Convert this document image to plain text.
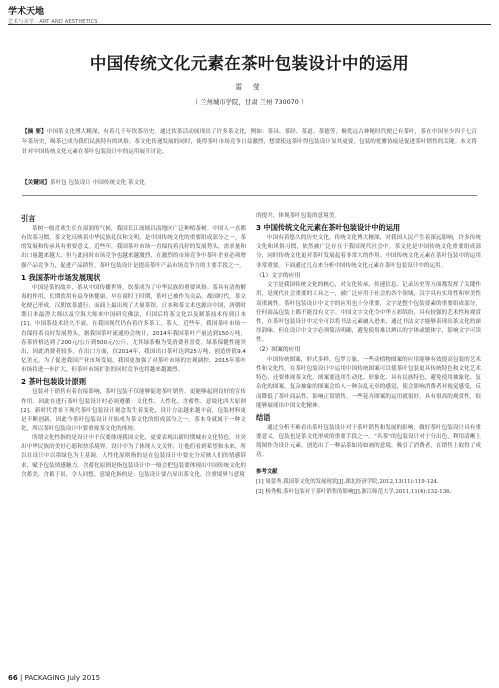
学术天地
艺术与美学 · ART AND AESTHETICS
中国传统文化元素在茶叶包装设计中的运用
雷 莹
（ 兰州城市学院，甘肃 兰州 730070 ）
【摘 要】中国茶文化博大精深，有着几千年饮茶历史。通过饮茶活动展现出了许多茶文化，例如：茶具、茶经、茶道、茶德等，极优远古神秘时代便已有茶叶，茶在中国至少四千七百年茶历史，喝茶已成为我们民族特有的风俗。茶文化传递发展的同时，使得茶叶市场竞争日益激烈，想要使这茶叶得包装设计显其更要，包装的优雅协接是促进茶叶销售的关键。本文将针对中国传统文化元素在茶叶包装设计中的运用展开讨论。
【关键词】茶叶包 包装设计 中国传统文化 茶文化
引言

茶树一般喜欢生长在湿润的气候，我国长江流域以南地区广泛种植茶树。中国人一直都有饮茶习惯。茶文化反映着中华民族礼仪和文明，是中国传统文化的重要组成部分之一。茶的发展和传承具有重要意义。近些年，我国茶叶市场一直保持着良好的发展势头，需求量和出口量越来越大，但与此同时市场竞争也越来越激烈，在激烈的市场竞争中茶叶企业必须增强产品竞争力，促进产品销售。茶叶包装设计是提高茶叶产品市场竞争力的主要手段之一。

1 我国茶叶市场发展现状

中国是茶的故乡，茶从中国传播世界，饮茶成为了中华民族的重要风俗。茶具有清热解毒的作用，长期饮用有益身体健康。早在商时王时期，茶叶已被作为贡品。战国时代，茶文化便已形成。汉朝饮茶盛行，而面上最出现了大量茶馆。日本和茶文术也源自中国，唐朝时期日本最澄大师以及空海大师来中国研究佛法，归国后将茶文化以及制茶技术传到日本[1]。中国茶技术经久不衰，在我国现代仍有着许多茶工，茶人。近些年，我国茶叶市场一直保持着良好发展势头，据我国茶叶流通协会统计，2014年我国茶叶产量达到150万吨，春茶价格达到了200元/公斤到500元/公斤，尤其绿茶极为受消费者喜爱，绿茶保健性能突出，因此消费者较多。在出口方面，仅2014年，我国出口茶叶达到25万吨，创造价值9.4亿美元。为了促进我国产业市场发展，我国更加强了对茶叶市场的宏观调控，2015年茶叶市场将进一步扩大，但茶叶市场扩张的同时竞争也将越来越激烈。

2 茶叶包装设计原则

包装对于销售有着直接影响，茶叶包装不仅能够促进茶叶销售，更能够起到良好的宣传作用。因此在进行茶叶包装设计时必须遵循：文化性、人性化、含蓄性、意境化四大原则[2]。新时代背景下现代茶叶包装设计观念发生着变化，设计方法越来越丰富，包装材料更是不断创新，因此今茶叶包装设计开始成为茶文化的组成部分之一。茶本身就属于一种文化，所以茶叶包装设计中要重视茶文化的体现。

所谓文化性指的是设计中不仅要体现我国文化，更要表现出新时期城市文化特色，并突出中华民族的美好心愿和快乐境界。设计中为了体现人文关怀，让他们看到希望和未来，所以在设计中以墨绿色为主基调。人性化原则指的是在包装设计中要充分反映人们的情感诉求，赋予包装情感魅力。含蓄化原则是指包装设计中一般会把包装要体现出中国传统文化的含蓄美，含蓄于景，令人回想。意境化指的是：包装设计要凸显出茶文化，注重境界与意境

的提升，体现茶叶包装的意境美。

3 中国传统文化元素在茶叶包装设计中的运用

中国有着悠久的历史文化，传统文化博大精深，对我国人民产生着深远影响，许多传统文化和风俗习惯，依然被广泛存在于我国现代社会中。茶文化是中国传统文化重要组成部分，同时传统文化更对茶叶发展起着非常大的作用。中国传统文化元素在茶叶包装中的运用非常重要。下面通过几点来分析中国传统文化元素在茶叶包装设计中的运用。

（1）文字的应用

文字是我国传统文化的核心，对文化传承、传递信息、记录历史等方面都发挥了关键作用，是现代社会重要的工具之一，被广泛应用于社会的各个领域，汉字具有实用性和审美性双重属性。茶叶包装设计中文字的应用也十分重要，文字是整个包装要素的重要组成部分，任何商品包装上都不能没有文字。中国文字文化令中华五彩缤纷，具有较强的艺术性和观赏性，在茶叶包装设计中完全可以将书法元素融入进来。通过书法文字能够表现出茶文化的深厚韵味。但在设计中文字必须简洁明确，避免使用难以辨认的字体或繁体字，影响文字可读性。

（2）图案的应用

中国传统图案，形式多样，包罗万象，一些动植物图案的应用能够有效提高包装的艺术性和文化性，在茶叶包装设计中运用中国传统图案可以使茶叶包装更具传统特色和文化艺术特色，还要体现茶文化，图案要选用生动化、形象化、具有民族特色、避免使用抽象化、复杂化的图案。复杂抽象的图案会给人一种杂乱无章的感觉，使会影响消费者对视觉感受，反而降低了茶叶商品性，影响正常销售。一些花卉图案的运用就很好，具有很高的观赏性，很能够展现出中国文化精神。

结语

通过分析不难看出茶叶包装设计对于茶叶销售和发展的影响，做好茶叶包装设计具有重要意义，包装也是茶文化形成的重要手段之一。“名茶”的包装设计对于分出色，利用清晰上简图作为设计元素，创造出了一种品茶如诗如画的意境，吸引了消费者，在销售上取得了成功。

参考文献
[1] 周蕾秀.我国茶文化的发展现状[J].湖北经济学院,2012,13(11):119-124.
[2] 杨秀梅,茶叶包装对于茶叶销售的影响[J].浙江师范大学,2011,11(4):132-136.
66 | PACKAGING July 2015
